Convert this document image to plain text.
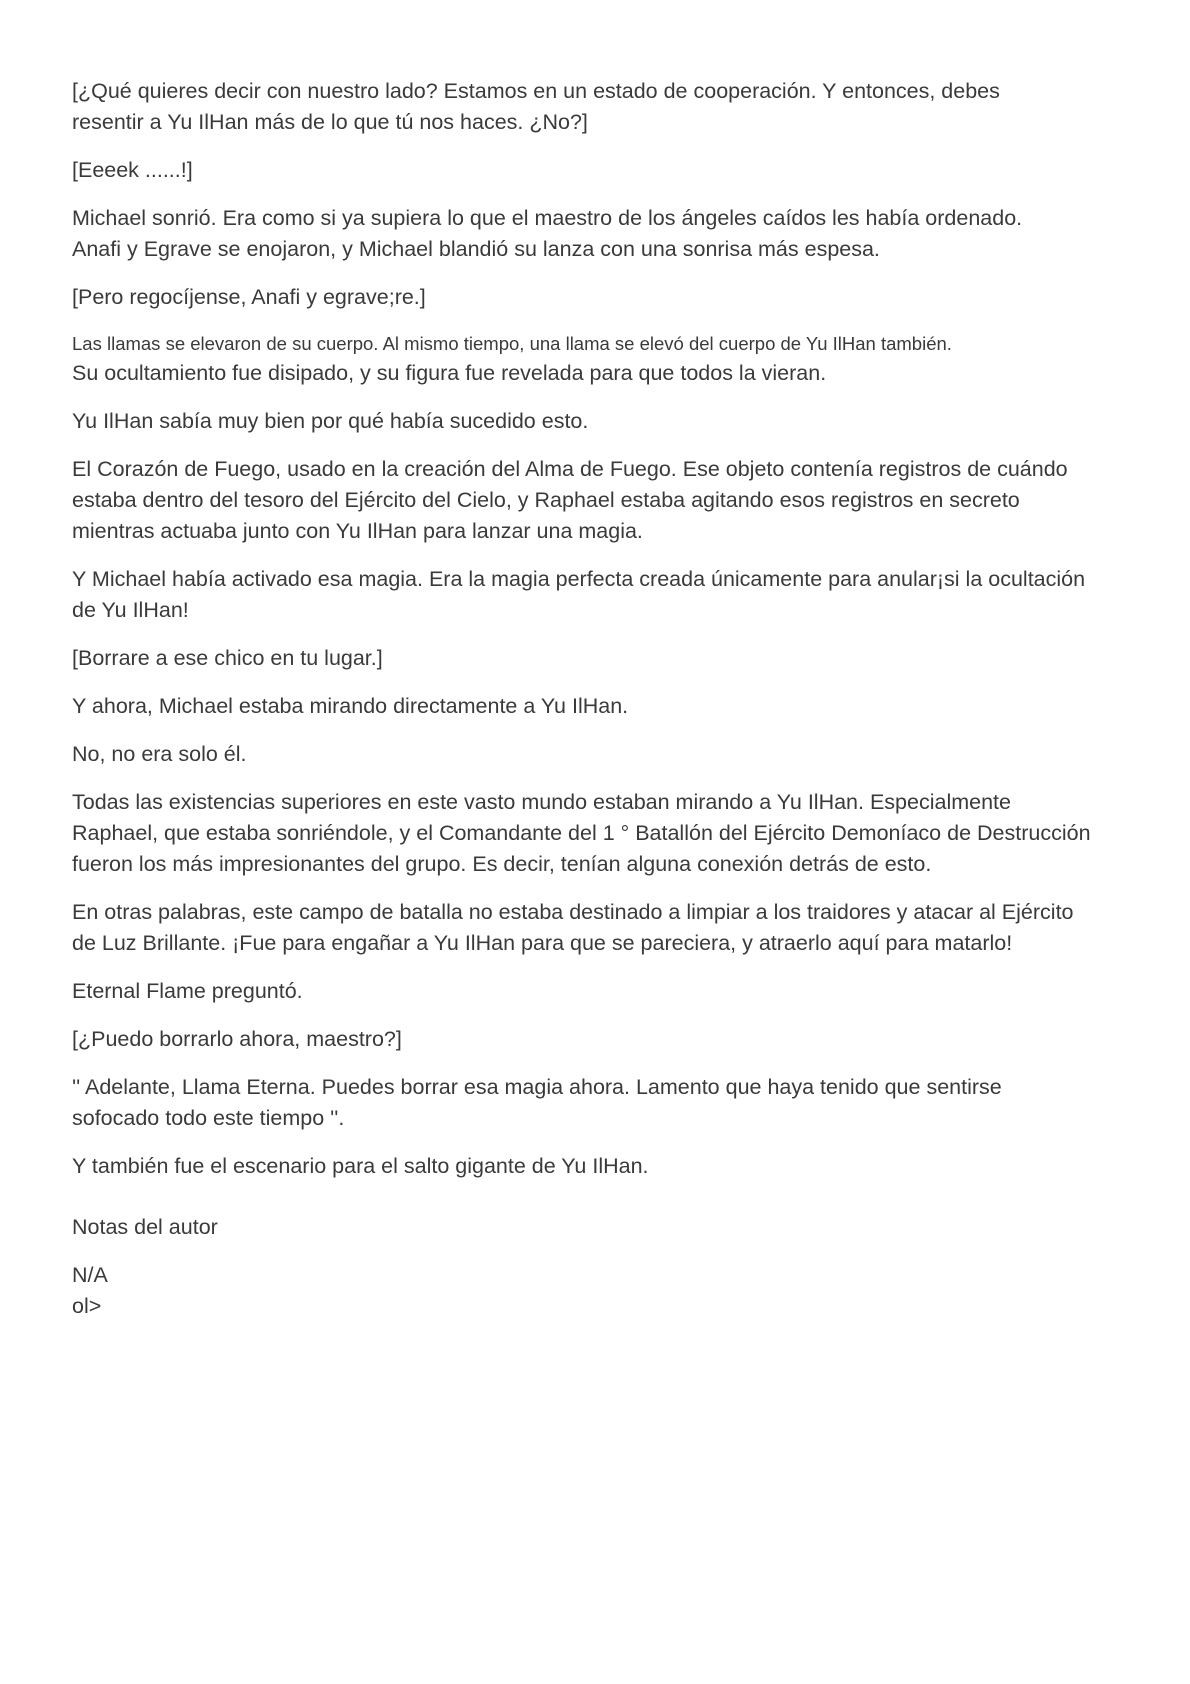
[¿Qué quieres decir con nuestro lado? Estamos en un estado de cooperación. Y entonces, debes
resentir a Yu IlHan más de lo que tú nos haces. ¿No?]

[Eeeek ......!]

Michael sonrió. Era como si ya supiera lo que el maestro de los ángeles caídos les había ordenado.
Anafi y Egrave se enojaron, y Michael blandió su lanza con una sonrisa más espesa.

[Pero regocíjense, Anafi y egrave;re.]

Las llamas se elevaron de su cuerpo. Al mismo tiempo, una llama se elevó del cuerpo de Yu IlHan también.
Su ocultamiento fue disipado, y su figura fue revelada para que todos la vieran.

Yu IlHan sabía muy bien por qué había sucedido esto.

El Corazón de Fuego, usado en la creación del Alma de Fuego. Ese objeto contenía registros de cuándo
estaba dentro del tesoro del Ejército del Cielo, y Raphael estaba agitando esos registros en secreto
mientras actuaba junto con Yu IlHan para lanzar una magia.

Y Michael había activado esa magia. Era la magia perfecta creada únicamente para anular¡si la ocultación
de Yu IlHan!

[Borrare a ese chico en tu lugar.]

Y ahora, Michael estaba mirando directamente a Yu IlHan.

No, no era solo él.

Todas las existencias superiores en este vasto mundo estaban mirando a Yu IlHan. Especialmente
Raphael, que estaba sonriéndole, y el Comandante del 1 ° Batallón del Ejército Demoníaco de Destrucción
fueron los más impresionantes del grupo. Es decir, tenían alguna conexión detrás de esto.

En otras palabras, este campo de batalla no estaba destinado a limpiar a los traidores y atacar al Ejército
de Luz Brillante. ¡Fue para engañar a Yu IlHan para que se pareciera, y atraerlo aquí para matarlo!

Eternal Flame preguntó.

[¿Puedo borrarlo ahora, maestro?]

'' Adelante, Llama Eterna. Puedes borrar esa magia ahora. Lamento que haya tenido que sentirse
sofocado todo este tiempo ''.

Y también fue el escenario para el salto gigante de Yu IlHan.

Notas del autor

N/A
ol>
